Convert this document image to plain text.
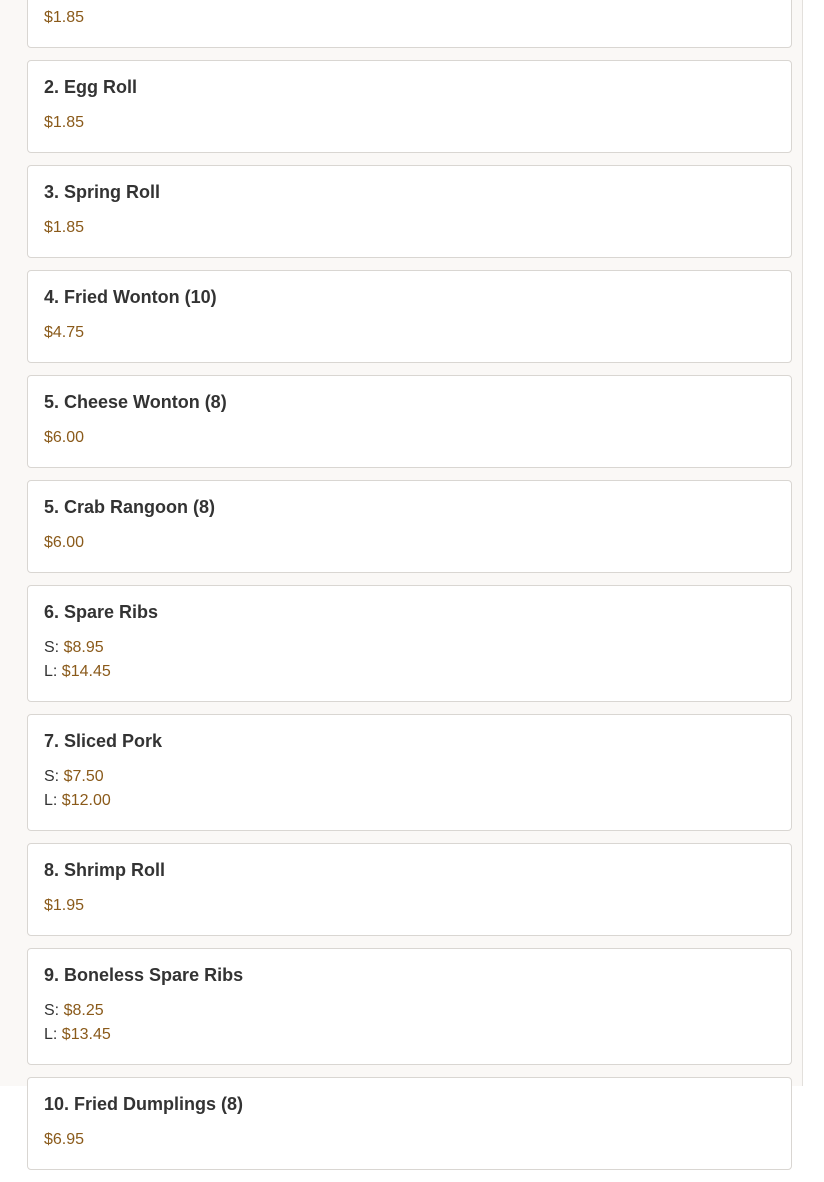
$1.85
2. Egg Roll
$1.85
3. Spring Roll
$1.85
4. Fried Wonton (10)
$4.75
5. Cheese Wonton (8)
$6.00
5. Crab Rangoon (8)
$6.00
6. Spare Ribs
S: $8.95
L: $14.45
7. Sliced Pork
S: $7.50
L: $12.00
8. Shrimp Roll
$1.95
9. Boneless Spare Ribs
S: $8.25
L: $13.45
10. Fried Dumplings (8)
$6.95
